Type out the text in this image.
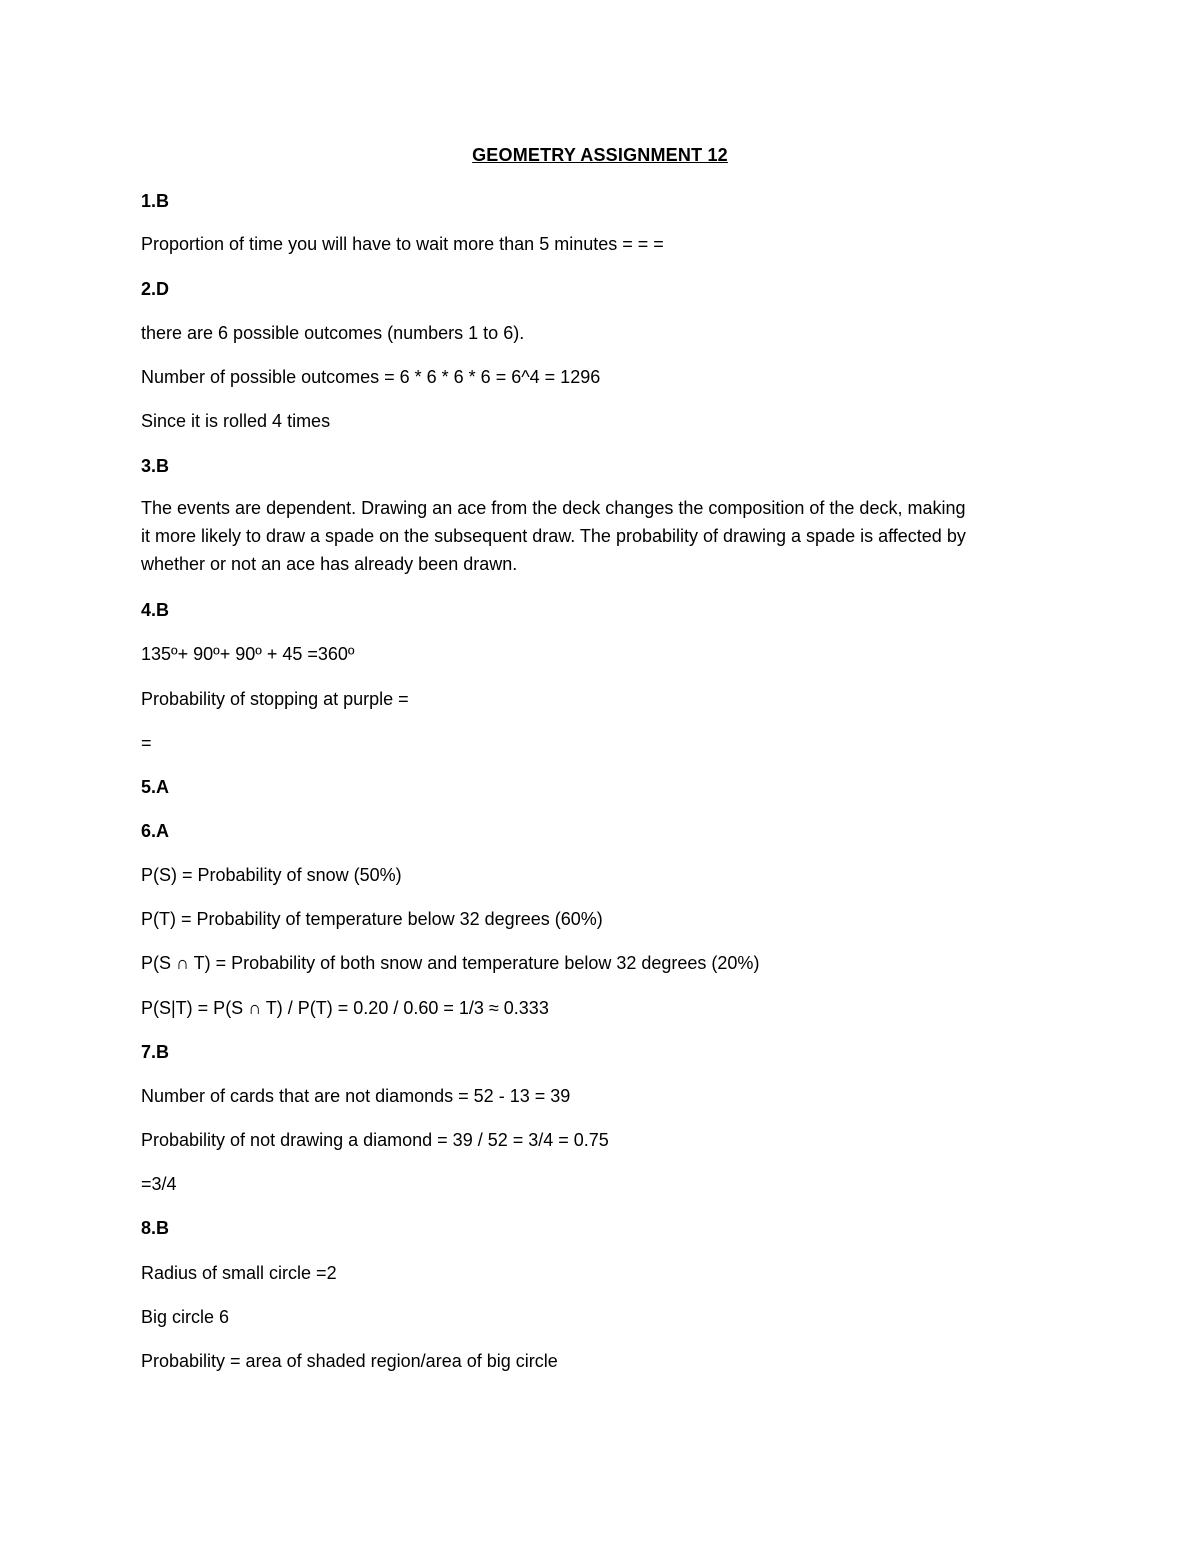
GEOMETRY ASSIGNMENT 12
1.B
Proportion of time you will have to wait more than 5 minutes = = =
2.D
there are 6 possible outcomes (numbers 1 to 6).
Number of possible outcomes = 6 * 6 * 6 * 6 = 6^4 = 1296
Since it is rolled 4 times
3.B
The events are dependent. Drawing an ace from the deck changes the composition of the deck, making
it more likely to draw a spade on the subsequent draw. The probability of drawing a spade is affected by
whether or not an ace has already been drawn.
4.B
135º+ 90º+ 90º + 45 =360º
Probability of stopping at purple =
=
5.A
6.A
P(S) = Probability of snow (50%)
P(T) = Probability of temperature below 32 degrees (60%)
P(S ∩ T) = Probability of both snow and temperature below 32 degrees (20%)
P(S|T) = P(S ∩ T) / P(T) = 0.20 / 0.60 = 1/3 ≈ 0.333
7.B
Number of cards that are not diamonds = 52 - 13 = 39
Probability of not drawing a diamond = 39 / 52 = 3/4 = 0.75
=3/4
8.B
Radius of small circle =2
Big circle 6
Probability = area of shaded region/area of big circle
